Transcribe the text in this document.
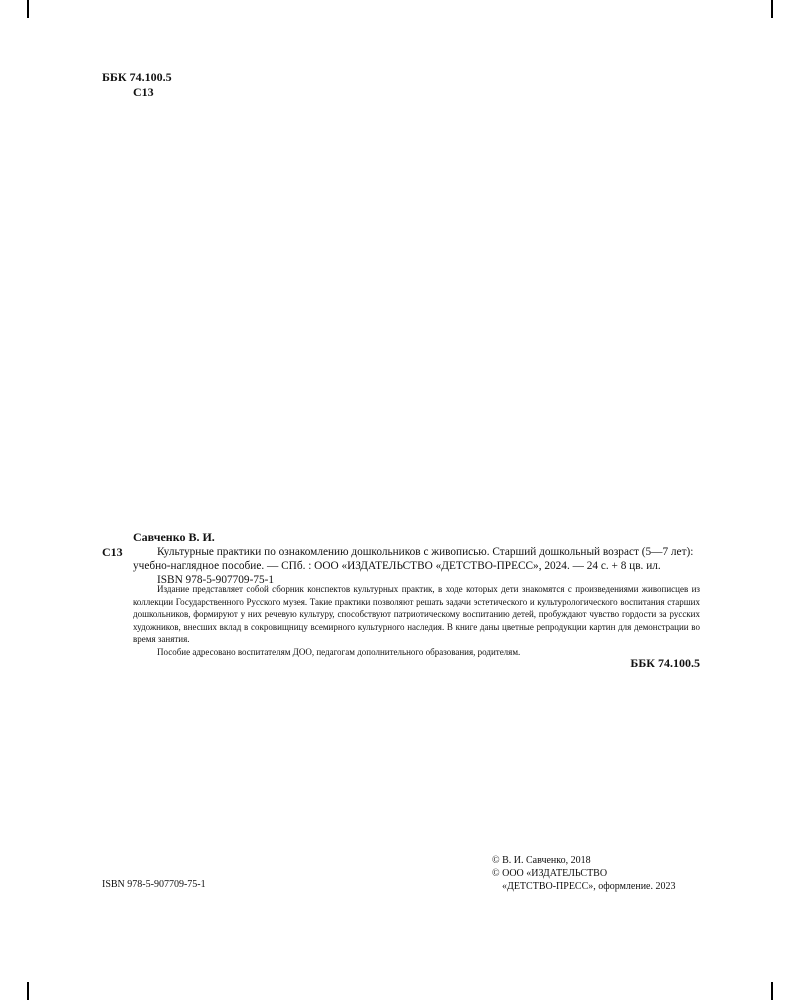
ББК 74.100.5
С13
Савченко В. И.
С13	Культурные практики по ознакомлению дошкольников с живописью. Старший дошкольный возраст (5—7 лет):

учебно-наглядное пособие. — СПб. : ООО «ИЗДАТЕЛЬСТВО «ДЕТСТВО-ПРЕСС», 2024. — 24 с. + 8 цв. ил.

ISBN 978-5-907709-75-1

Издание представляет собой сборник конспектов культурных практик, в ходе которых дети знакомятся с произведениями живописцев из коллекции Государственного Русского музея. Такие практики позволяют решать задачи эстетического и культурологического воспитания старших дошкольников, формируют у них речевую культуру, способствуют патриотическому воспитанию детей, пробуждают чувство гордости за русских художников, внесших вклад в сокровищницу всемирного культурного наследия. В книге даны цветные репродукции картин для демонстрации во время занятия.

Пособие адресовано воспитателям ДОО, педагогам дополнительного образования, родителям.

ББК 74.100.5
ISBN 978-5-907709-75-1
© В. И. Савченко, 2018
© ООО «ИЗДАТЕЛЬСТВО
«ДЕТСТВО-ПРЕСС», оформление. 2023
